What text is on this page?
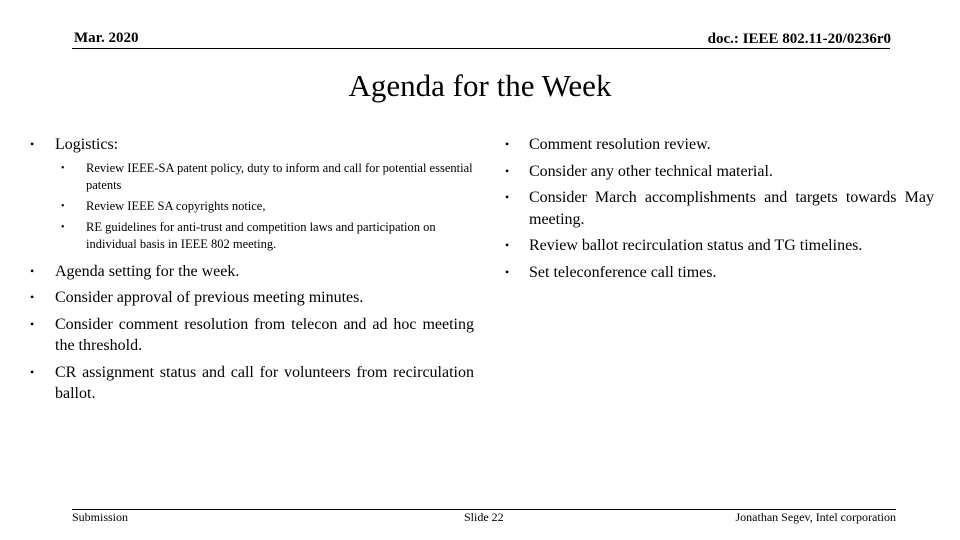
Mar. 2020	doc.: IEEE 802.11-20/0236r0
Agenda for the Week
• Logistics:
• Review IEEE-SA patent policy, duty to inform and call for potential essential patents
• Review IEEE SA copyrights notice,
• RE guidelines for anti-trust and competition laws and participation on individual basis in IEEE 802 meeting.
• Agenda setting for the week.
• Consider approval of previous meeting minutes.
• Consider comment resolution from telecon and ad hoc meeting the threshold.
• CR assignment status and call for volunteers from recirculation ballot.
• Comment resolution review.
• Consider any other technical material.
• Consider March accomplishments and targets towards May meeting.
• Review ballot recirculation status and TG timelines.
• Set teleconference call times.
Submission	Slide 22	Jonathan Segev, Intel corporation
